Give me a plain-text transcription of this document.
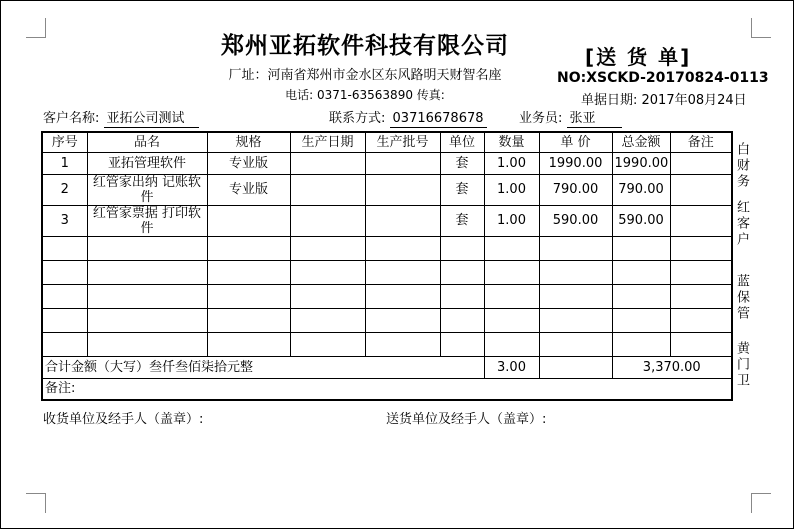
郑州亚拓软件科技有限公司
厂址：河南省郑州市金水区东风路明天财智名座
电话: 0371-63563890 传真:
[送 货 单]
NO:XSCKD-20170824-0113
单据日期: 2017年08月24日
客户名称: 亚拓公司测试	联系方式: 03716678678	业务员: 张亚
序号	品名	规格	生产日期	生产批号	单位	数量	单 价	总金额	备注
1	亚拓管理软件	专业版			套	1.00	1990.00	1990.00	
2	红管家出纳 记账软件	专业版			套	1.00	790.00	790.00	
3	红管家票据 打印软件				套	1.00	590.00	590.00	

合计金额（大写）叁仟叁佰柒拾元整						3.00		3,370.00	
备注:									
白财务
红客户
蓝保管
黄门卫
收货单位及经手人（盖章）:	送货单位及经手人（盖章）:
